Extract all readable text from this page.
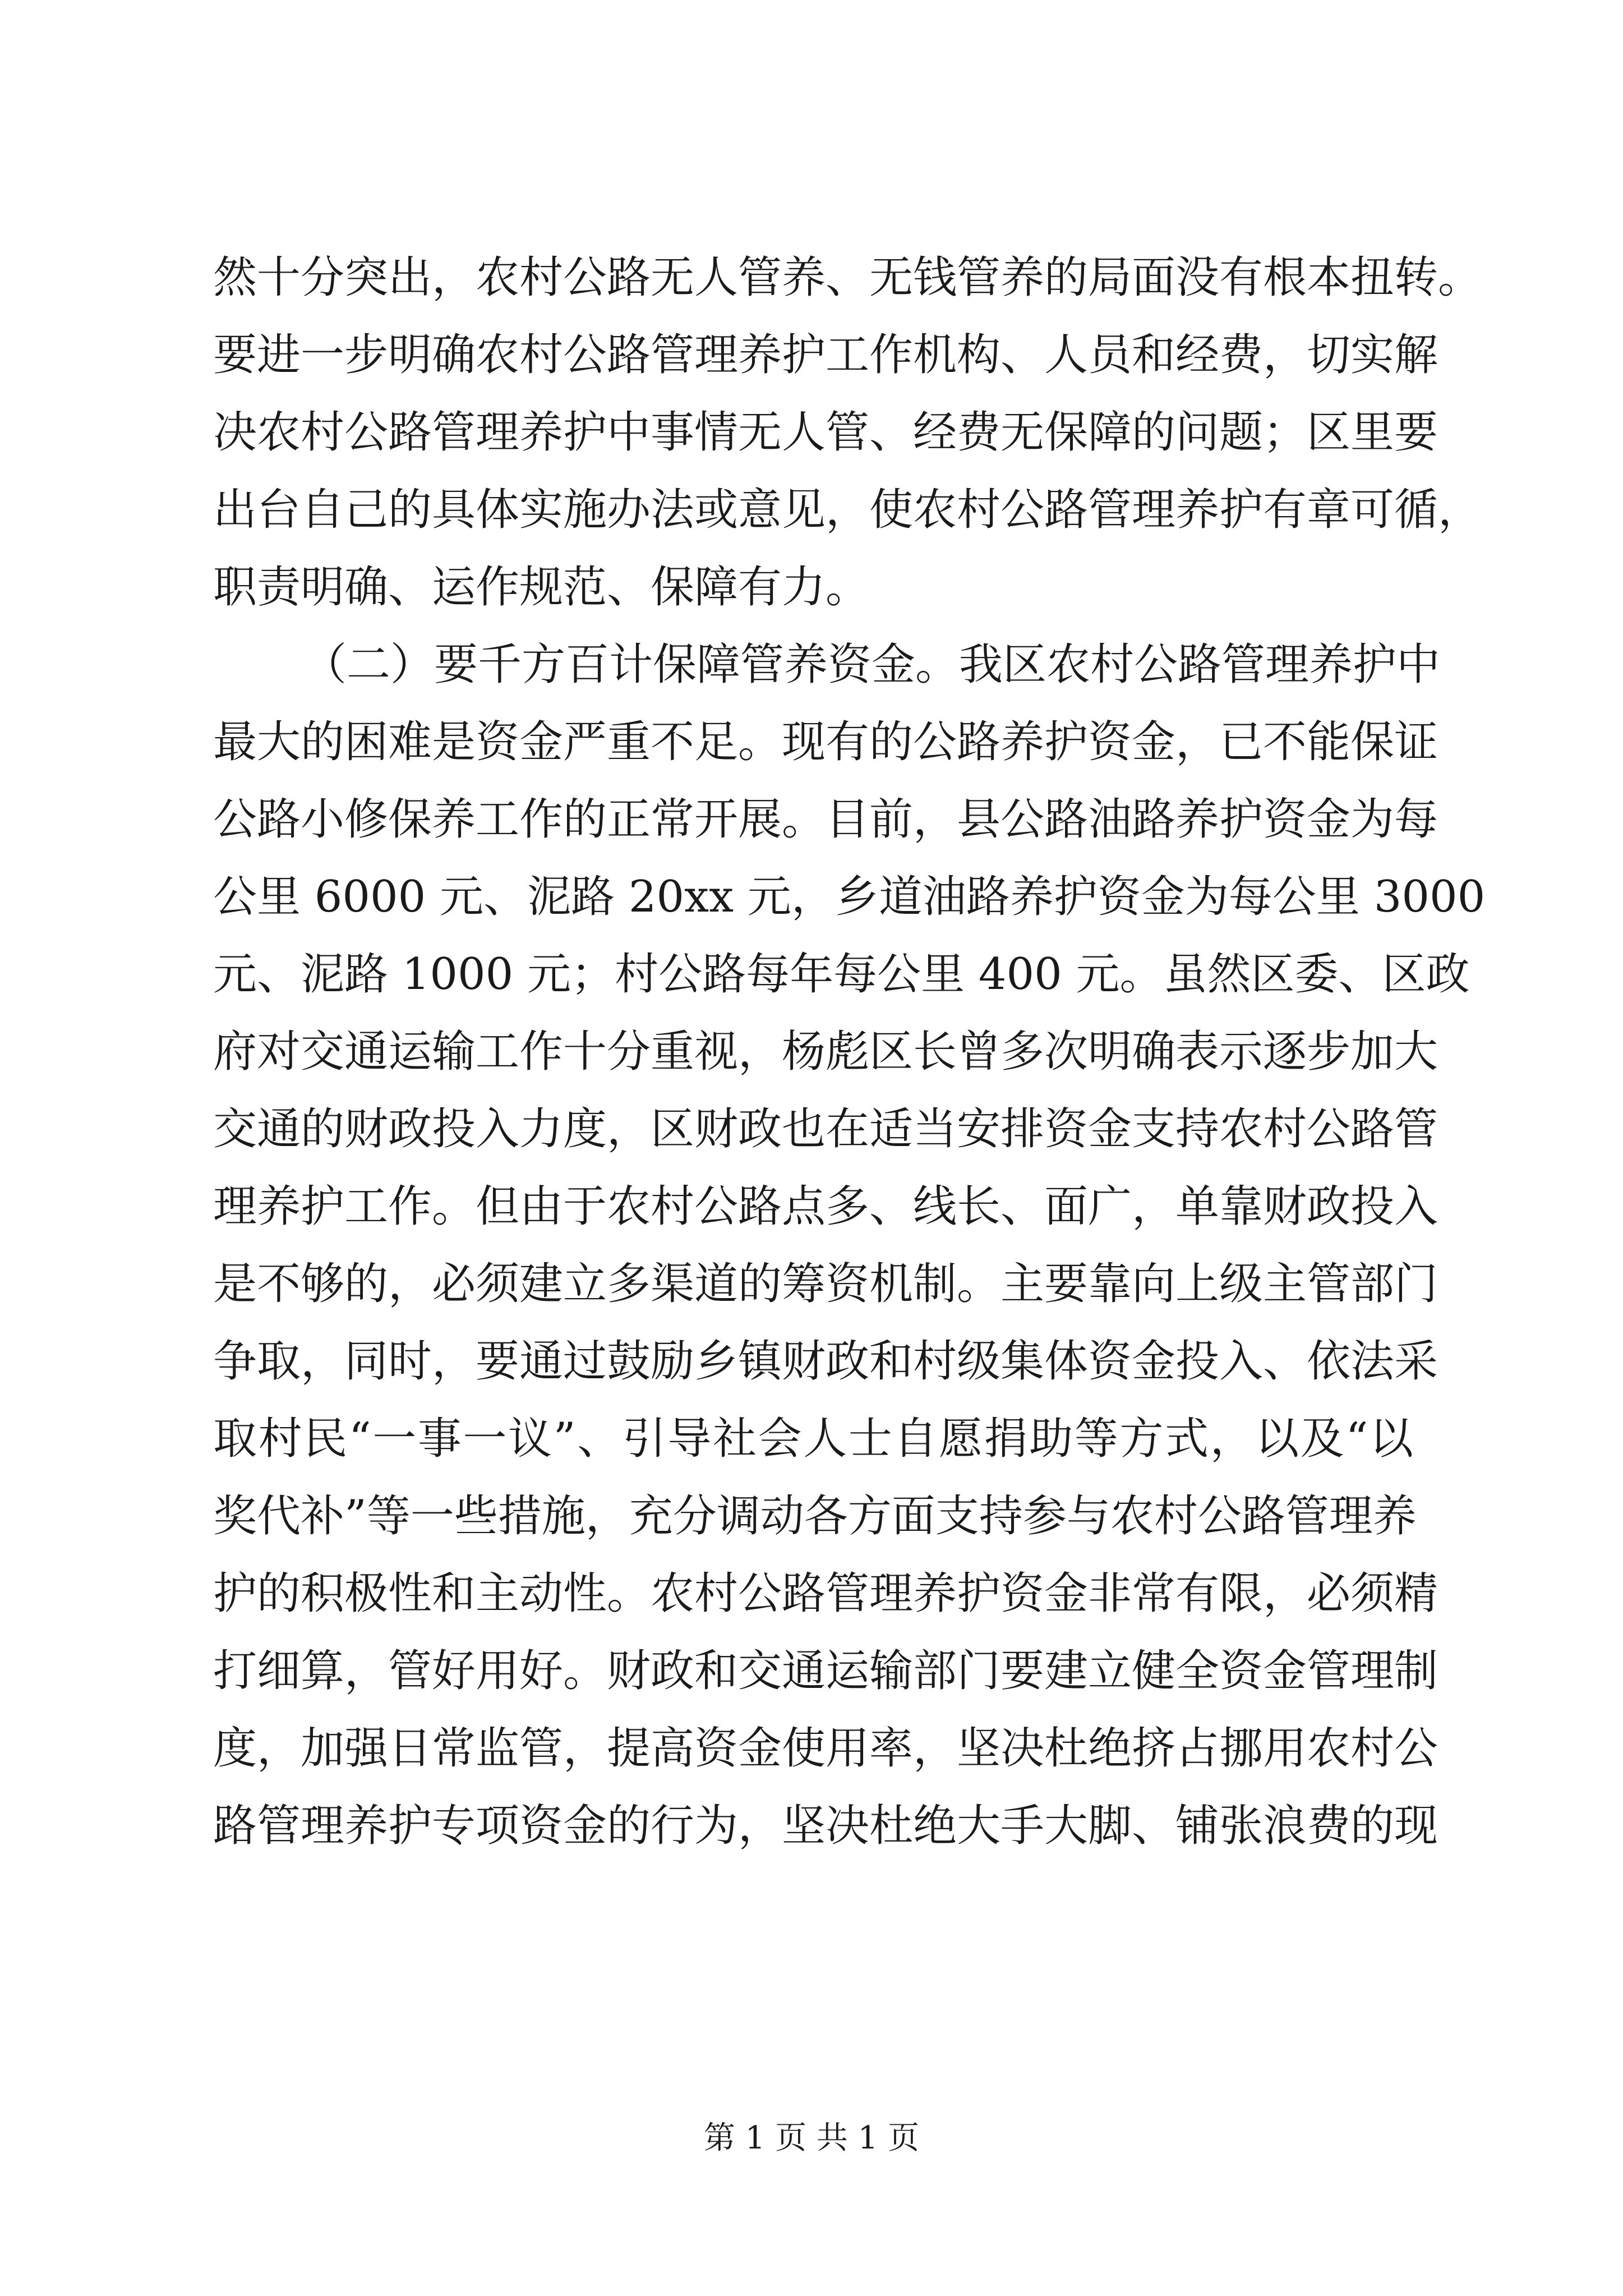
然十分突出，农村公路无人管养、无钱管养的局面没有根本扭转。
要进一步明确农村公路管理养护工作机构、人员和经费，切实解
决农村公路管理养护中事情无人管、经费无保障的问题；区里要
出台自己的具体实施办法或意见，使农村公路管理养护有章可循，
职责明确、运作规范、保障有力。
（二）要千方百计保障管养资金。我区农村公路管理养护中
最大的困难是资金严重不足。现有的公路养护资金，已不能保证
公路小修保养工作的正常开展。目前，县公路油路养护资金为每
公里 6000 元、泥路 20xx 元，乡道油路养护资金为每公里 3000
元、泥路 1000 元；村公路每年每公里 400 元。虽然区委、区政
府对交通运输工作十分重视，杨彪区长曾多次明确表示逐步加大
交通的财政投入力度，区财政也在适当安排资金支持农村公路管
理养护工作。但由于农村公路点多、线长、面广，单靠财政投入
是不够的，必须建立多渠道的筹资机制。主要靠向上级主管部门
争取，同时，要通过鼓励乡镇财政和村级集体资金投入、依法采
取村民“一事一议”、引导社会人士自愿捐助等方式，以及“以
奖代补”等一些措施，充分调动各方面支持参与农村公路管理养
护的积极性和主动性。农村公路管理养护资金非常有限，必须精
打细算，管好用好。财政和交通运输部门要建立健全资金管理制
度，加强日常监管，提高资金使用率，坚决杜绝挤占挪用农村公
路管理养护专项资金的行为，坚决杜绝大手大脚、铺张浪费的现
第 1 页 共 1 页
